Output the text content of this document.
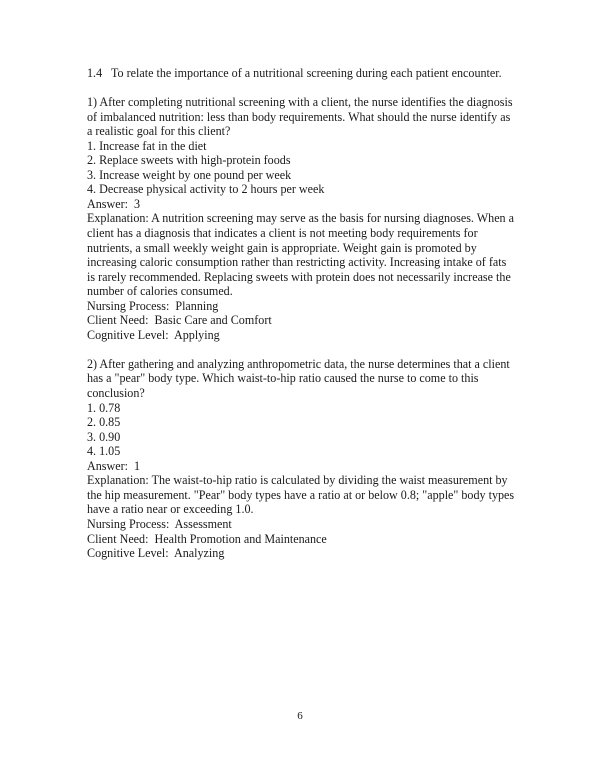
1.4   To relate the importance of a nutritional screening during each patient encounter.

1) After completing nutritional screening with a client, the nurse identifies the diagnosis of imbalanced nutrition: less than body requirements. What should the nurse identify as a realistic goal for this client?

1. Increase fat in the diet
2. Replace sweets with high-protein foods
3. Increase weight by one pound per week
4. Decrease physical activity to 2 hours per week

Answer:  3

Explanation: A nutrition screening may serve as the basis for nursing diagnoses. When a client has a diagnosis that indicates a client is not meeting body requirements for nutrients, a small weekly weight gain is appropriate. Weight gain is promoted by increasing caloric consumption rather than restricting activity. Increasing intake of fats is rarely recommended. Replacing sweets with protein does not necessarily increase the number of calories consumed.

Nursing Process:  Planning
Client Need:  Basic Care and Comfort
Cognitive Level:  Applying

2) After gathering and analyzing anthropometric data, the nurse determines that a client has a "pear" body type. Which waist-to-hip ratio caused the nurse to come to this conclusion?

1. 0.78
2. 0.85
3. 0.90
4. 1.05

Answer:  1

Explanation: The waist-to-hip ratio is calculated by dividing the waist measurement by the hip measurement. "Pear" body types have a ratio at or below 0.8; "apple" body types have a ratio near or exceeding 1.0.

Nursing Process:  Assessment
Client Need:  Health Promotion and Maintenance
Cognitive Level:  Analyzing
6
